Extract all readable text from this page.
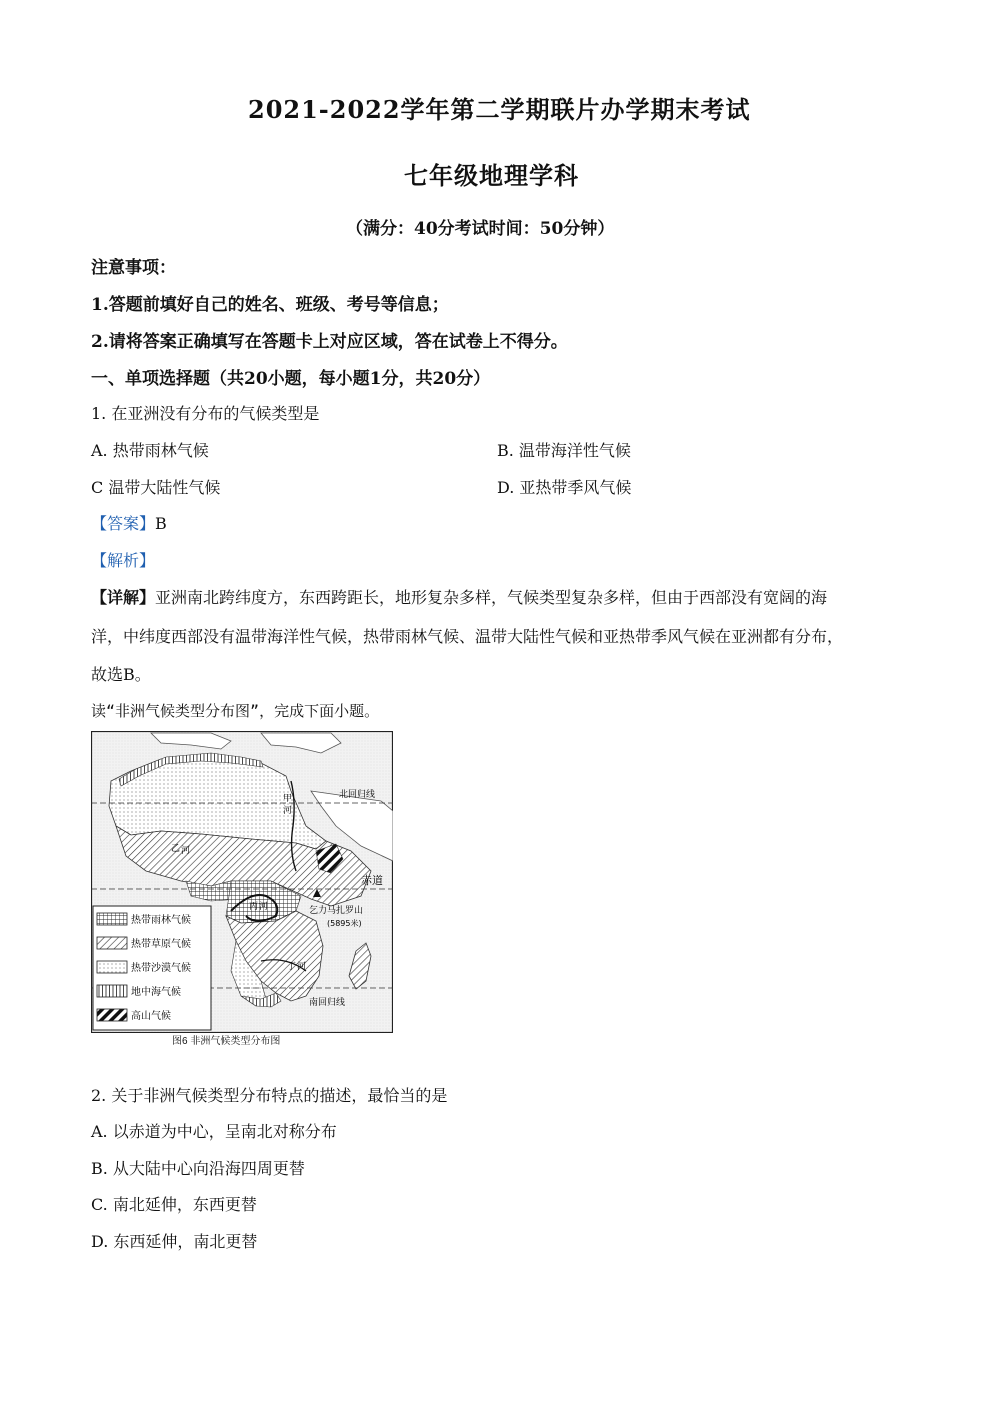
2021-2022学年第二学期联片办学期末考试
七年级地理学科
（满分：40分考试时间：50分钟）
注意事项：
1.答题前填好自己的姓名、班级、考号等信息；
2.请将答案正确填写在答题卡上对应区域，答在试卷上不得分。
一、单项选择题（共20小题，每小题1分，共20分）
1. 在亚洲没有分布的气候类型是
A. 热带雨林气候	B. 温带海洋性气候
C 温带大陆性气候	D. 亚热带季风气候
【答案】B
【解析】
【详解】亚洲南北跨纬度方，东西跨距长，地形复杂多样，气候类型复杂多样，但由于西部没有宽阔的海
洋，中纬度西部没有温带海洋性气候，热带雨林气候、温带大陆性气候和亚热带季风气候在亚洲都有分布，
故选B。
读“非洲气候类型分布图”，完成下面小题。
北回归线
赤道
南回归线
甲
河
乙 河
丙 河
丁 河
乞力马扎罗山
(5895米)
热带雨林气候
热带草原气候
热带沙漠气候
地中海气候
高山气候
图6 非洲气候类型分布图
2. 关于非洲气候类型分布特点的描述，最恰当的是
A. 以赤道为中心，呈南北对称分布
B. 从大陆中心向沿海四周更替
C. 南北延伸，东西更替
D. 东西延伸，南北更替
